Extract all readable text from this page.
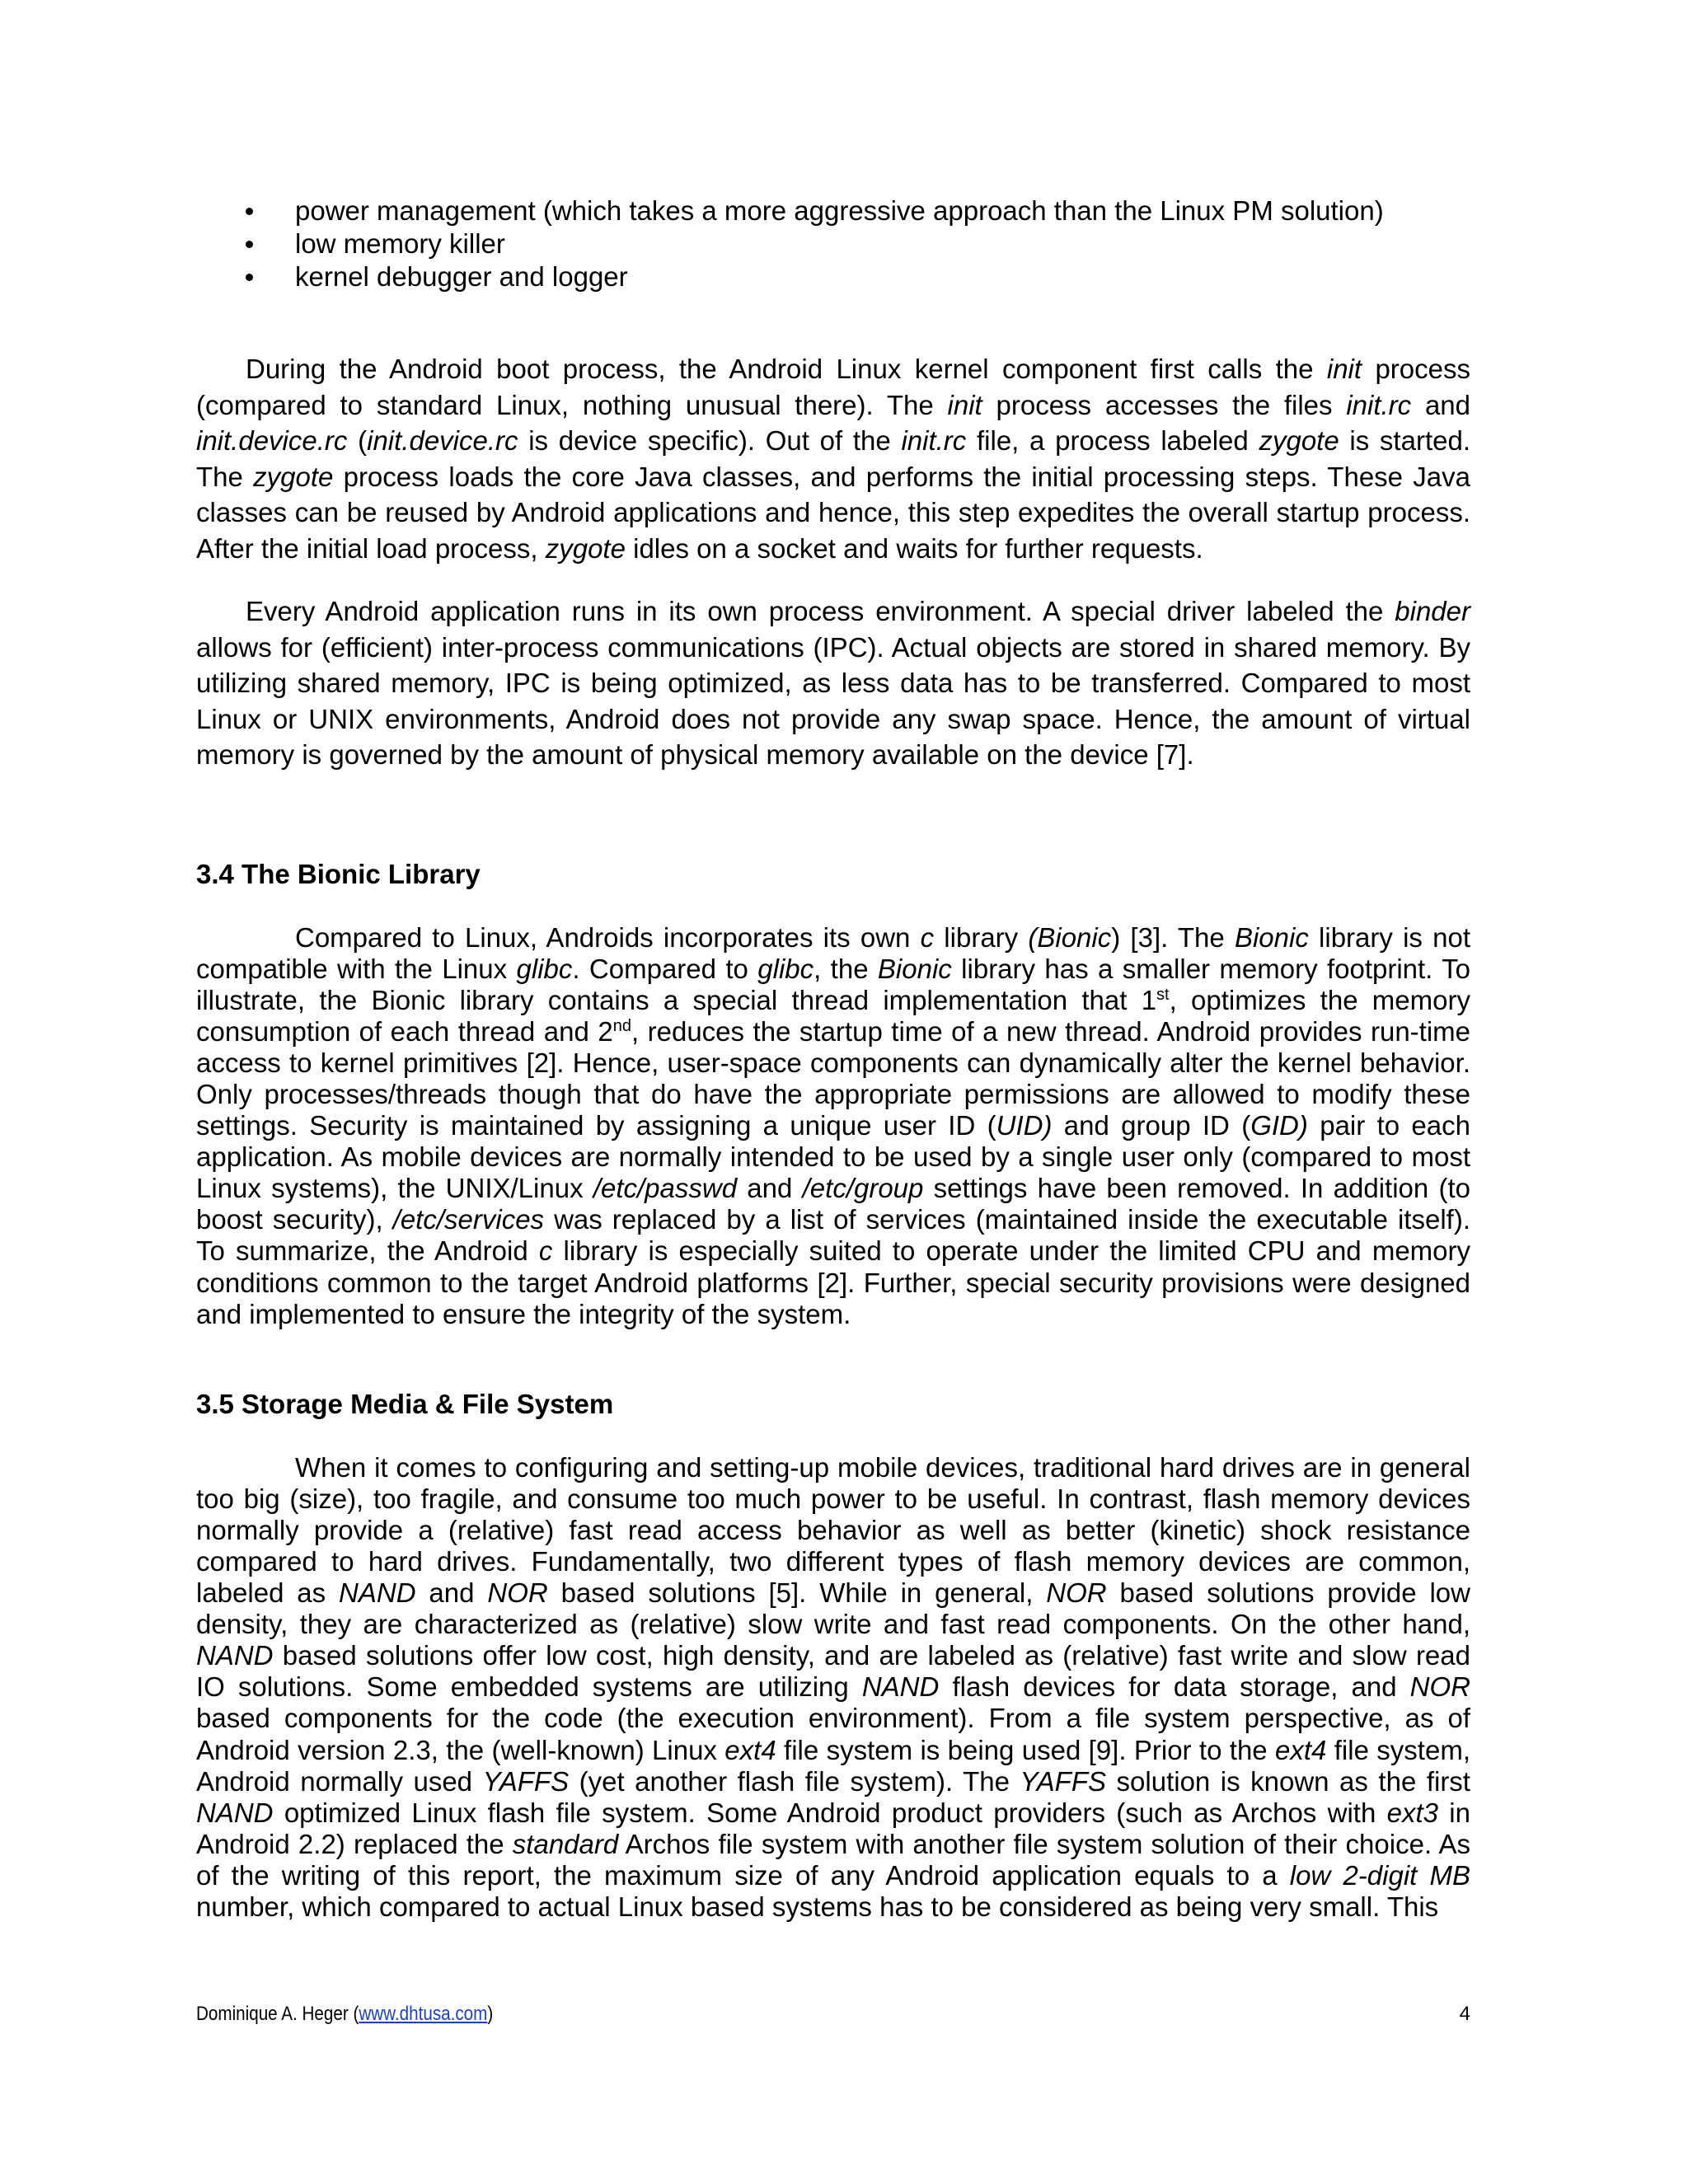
power management (which takes a more aggressive approach than the Linux PM solution)
low memory killer
kernel debugger and logger

During the Android boot process, the Android Linux kernel component first calls the init process (compared to standard Linux, nothing unusual there). The init process accesses the files init.rc and init.device.rc (init.device.rc is device specific). Out of the init.rc file, a process labeled zygote is started. The zygote process loads the core Java classes, and performs the initial processing steps. These Java classes can be reused by Android applications and hence, this step expedites the overall startup process. After the initial load process, zygote idles on a socket and waits for further requests.

Every Android application runs in its own process environment. A special driver labeled the binder allows for (efficient) inter-process communications (IPC). Actual objects are stored in shared memory. By utilizing shared memory, IPC is being optimized, as less data has to be transferred. Compared to most Linux or UNIX environments, Android does not provide any swap space. Hence, the amount of virtual memory is governed by the amount of physical memory available on the device [7].

3.4 The Bionic Library

Compared to Linux, Androids incorporates its own c library (Bionic) [3]. The Bionic library is not compatible with the Linux glibc. Compared to glibc, the Bionic library has a smaller memory footprint. To illustrate, the Bionic library contains a special thread implementation that 1st, optimizes the memory consumption of each thread and 2nd, reduces the startup time of a new thread. Android provides run-time access to kernel primitives [2]. Hence, user-space components can dynamically alter the kernel behavior. Only processes/threads though that do have the appropriate permissions are allowed to modify these settings. Security is maintained by assigning a unique user ID (UID) and group ID (GID) pair to each application. As mobile devices are normally intended to be used by a single user only (compared to most Linux systems), the UNIX/Linux /etc/passwd and /etc/group settings have been removed. In addition (to boost security), /etc/services was replaced by a list of services (maintained inside the executable itself). To summarize, the Android c library is especially suited to operate under the limited CPU and memory conditions common to the target Android platforms [2]. Further, special security provisions were designed and implemented to ensure the integrity of the system.

3.5 Storage Media & File System

When it comes to configuring and setting-up mobile devices, traditional hard drives are in general too big (size), too fragile, and consume too much power to be useful. In contrast, flash memory devices normally provide a (relative) fast read access behavior as well as better (kinetic) shock resistance compared to hard drives. Fundamentally, two different types of flash memory devices are common, labeled as NAND and NOR based solutions [5]. While in general, NOR based solutions provide low density, they are characterized as (relative) slow write and fast read components. On the other hand, NAND based solutions offer low cost, high density, and are labeled as (relative) fast write and slow read IO solutions. Some embedded systems are utilizing NAND flash devices for data storage, and NOR based components for the code (the execution environment). From a file system perspective, as of Android version 2.3, the (well-known) Linux ext4 file system is being used [9]. Prior to the ext4 file system, Android normally used YAFFS (yet another flash file system). The YAFFS solution is known as the first NAND optimized Linux flash file system. Some Android product providers (such as Archos with ext3 in Android 2.2) replaced the standard Archos file system with another file system solution of their choice. As of the writing of this report, the maximum size of any Android application equals to a low 2-digit MB number, which compared to actual Linux based systems has to be considered as being very small. This

Dominique A. Heger (www.dhtusa.com)	4
